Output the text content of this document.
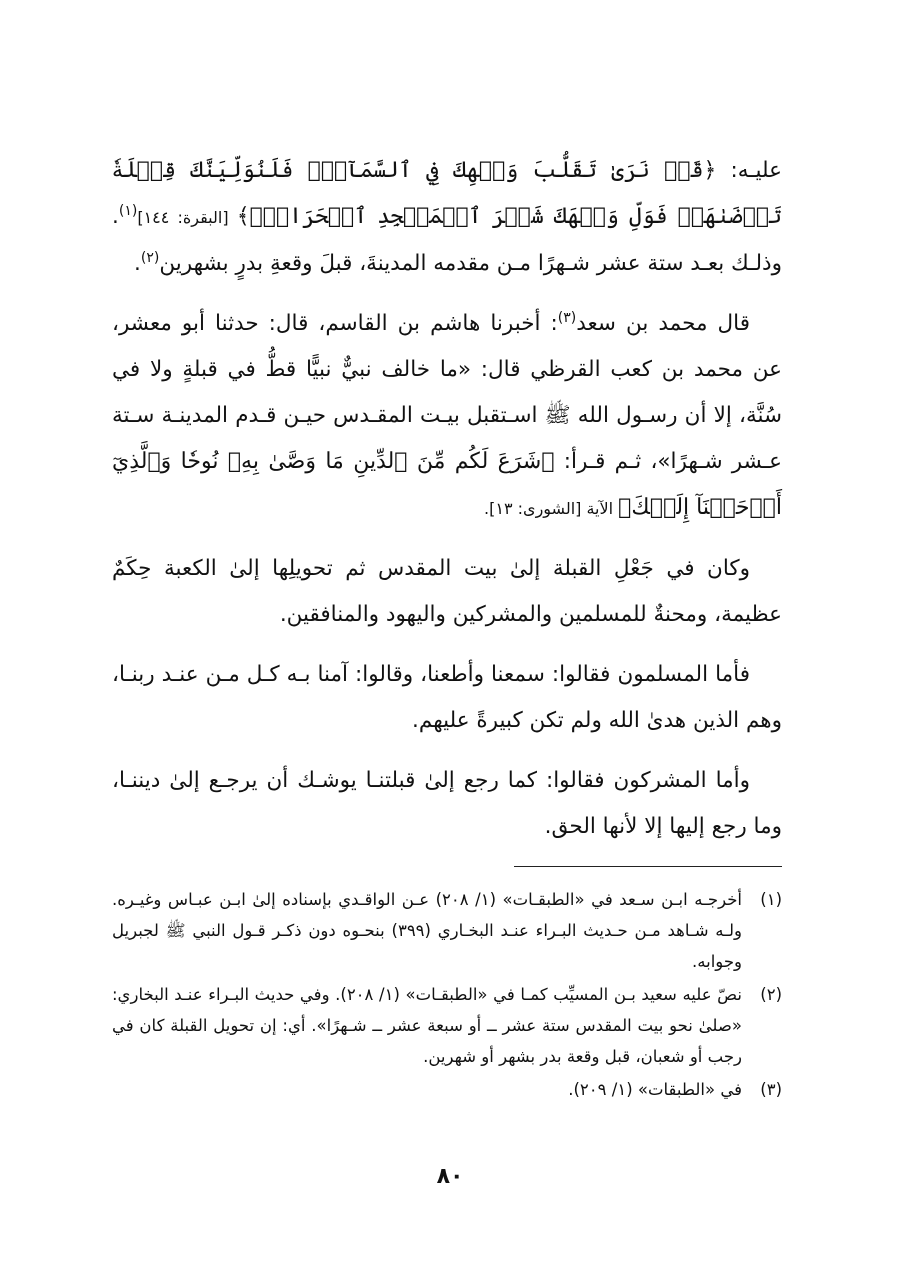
عليـه: ﴿قَدۡ نَرَىٰ تَقَلُّبَ وَجۡهِكَ فِي ٱلسَّمَآءِۖ فَلَنُوَلِّيَنَّكَ قِبۡلَةٗ تَرۡضَىٰهَاۚ فَوَلِّ وَجۡهَكَ شَطۡرَ ٱلۡمَسۡجِدِ ٱلۡحَرَامِۚ﴾ [البقرة: ١٤٤]$^{(١)}$. وذلـك بعـد ستة عشر شـهرًا مـن مقدمه المدينةَ، قبلَ وقعةِ بدرٍ بشهرين$^{(٢)}$.

قال محمد بن سعد$^{(٣)}$: أخبرنا هاشم بن القاسم، قال: حدثنا أبو معشر، عن محمد بن كعب القرظي قال: «ما خالف نبيٌّ نبيًّا قطُّ في قبلةٍ ولا في سُنَّة، إلا أن رسـول الله ﷺ اسـتقبل بيـت المقـدس حيـن قـدم المدينـة سـتة عـشر شـهرًا»، ثـم قـرأ: ﴿شَرَعَ لَكُم مِّنَ ٱلدِّينِ مَا وَصَّىٰ بِهِۦ نُوحٗا وَٱلَّذِيٓ أَوۡحَيۡنَآ إِلَيۡكَ﴾ الآية [الشورى: ١٣].

وكان في جَعْلِ القبلة إلىٰ بيت المقدس ثم تحويلِها إلىٰ الكعبة حِكَمٌ عظيمة، ومحنةٌ للمسلمين والمشركين واليهود والمنافقين.

فأما المسلمون فقالوا: سمعنا وأطعنا، وقالوا: آمنا بـه كـل مـن عنـد ربنـا، وهم الذين هدىٰ الله ولم تكن كبيرةً عليهم.

وأما المشركون فقالوا: كما رجع إلىٰ قبلتنـا يوشـك أن يرجـع إلىٰ ديننـا، وما رجع إليها إلا لأنها الحق.

(١)
أخرجـه ابـن سـعد في «الطبقـات» (١/ ٢٠٨) عـن الواقـدي بإسناده إلىٰ ابـن عبـاس وغيـره. ولـه شـاهد مـن حـديث البـراء عنـد البخـاري (٣٩٩) بنحـوه دون ذكـر قـول النبي ﷺ لجبريل وجوابه.
(٢)
نصّ عليه سعيد بـن المسيِّب كمـا في «الطبقـات» (١/ ٢٠٨). وفي حديث البـراء عنـد البخاري: «صلىٰ نحو بيت المقدس ستة عشر ــ أو سبعة عشر ــ شـهرًا». أي: إن تحويل القبلة كان في رجب أو شعبان، قبل وقعة بدر بشهر أو شهرين.
(٣)
في «الطبقات» (١/ ٢٠٩).
٨٠
